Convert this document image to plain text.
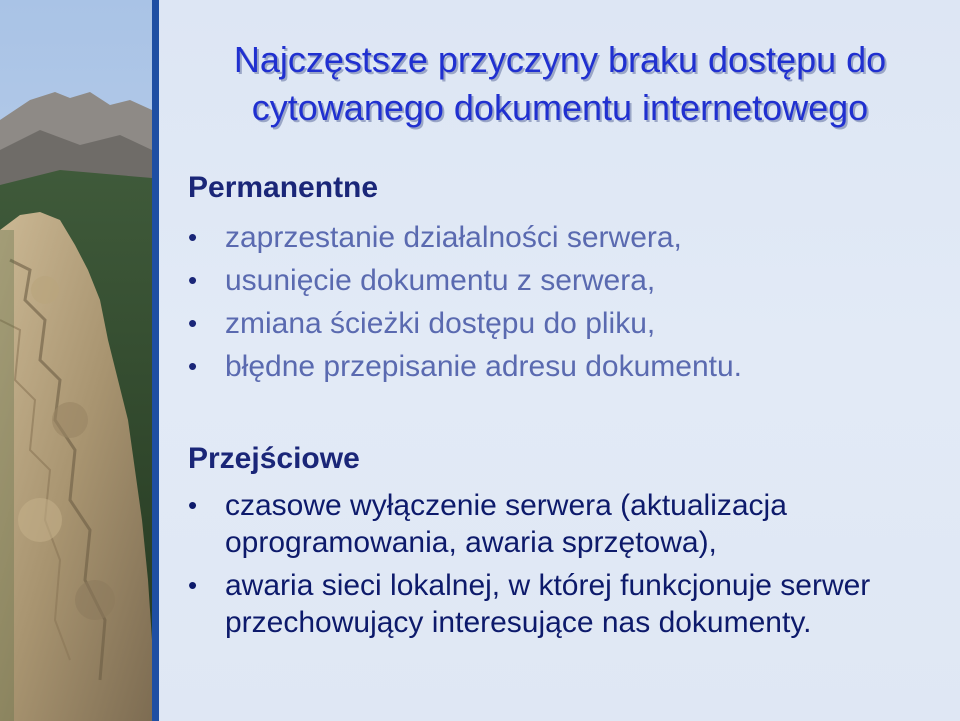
Najczęstsze przyczyny braku dostępu do
cytowanego dokumentu internetowego
Permanentne
• zaprzestanie działalności serwera,
• usunięcie dokumentu z serwera,
• zmiana ścieżki dostępu do pliku,
• błędne przepisanie adresu dokumentu.
Przejściowe
• czasowe wyłączenie serwera (aktualizacja oprogramowania, awaria sprzętowa),
• awaria sieci lokalnej, w której funkcjonuje serwer przechowujący interesujące nas dokumenty.
